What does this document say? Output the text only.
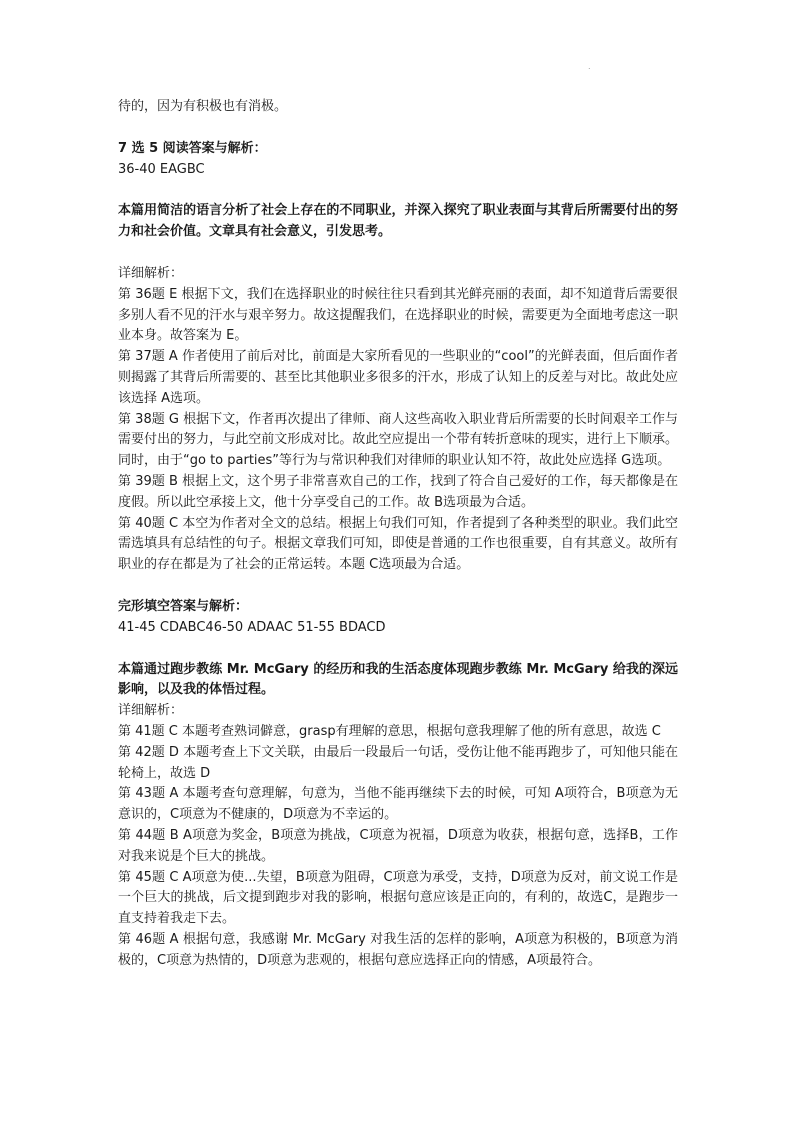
.

待的，因为有积极也有消极。

7 选 5 阅读答案与解析：

36-40 EAGBC

本篇用简洁的语言分析了社会上存在的不同职业，并深入探究了职业表面与其背后所需要付出的努力和社会价值。文章具有社会意义，引发思考。

详细解析：

第 36题 E 根据下文，我们在选择职业的时候往往只看到其光鲜亮丽的表面，却不知道背后需要很多别人看不见的汗水与艰辛努力。故这提醒我们，在选择职业的时候，需要更为全面地考虑这一职业本身。故答案为 E。

第 37题 A 作者使用了前后对比，前面是大家所看见的一些职业的“cool”的光鲜表面，但后面作者则揭露了其背后所需要的、甚至比其他职业多很多的汗水，形成了认知上的反差与对比。故此处应该选择 A选项。

第 38题 G 根据下文，作者再次提出了律师、商人这些高收入职业背后所需要的长时间艰辛工作与需要付出的努力，与此空前文形成对比。故此空应提出一个带有转折意味的现实，进行上下顺承。同时，由于“go to parties”等行为与常识种我们对律师的职业认知不符，故此处应选择 G选项。

第 39题 B 根据上文，这个男子非常喜欢自己的工作，找到了符合自己爱好的工作，每天都像是在度假。所以此空承接上文，他十分享受自己的工作。故 B选项最为合适。

第 40题 C 本空为作者对全文的总结。根据上句我们可知，作者提到了各种类型的职业。我们此空需选填具有总结性的句子。根据文章我们可知，即使是普通的工作也很重要，自有其意义。故所有职业的存在都是为了社会的正常运转。本题 C选项最为合适。

完形填空答案与解析：

41-45 CDABC46-50 ADAAC 51-55 BDACD

本篇通过跑步教练 Mr. McGary 的经历和我的生活态度体现跑步教练 Mr. McGary 给我的深远影响，以及我的体悟过程。

详细解析：

第 41题 C 本题考查熟词僻意，grasp有理解的意思，根据句意我理解了他的所有意思，故选 C

第 42题 D 本题考查上下文关联，由最后一段最后一句话，受伤让他不能再跑步了，可知他只能在轮椅上，故选 D

第 43题 A 本题考查句意理解，句意为，当他不能再继续下去的时候，可知 A项符合，B项意为无意识的，C项意为不健康的，D项意为不幸运的。

第 44题 B A项意为奖金，B项意为挑战，C项意为祝福，D项意为收获，根据句意，选择B，工作对我来说是个巨大的挑战。

第 45题 C A项意为使...失望，B项意为阻碍，C项意为承受，支持，D项意为反对，前文说工作是一个巨大的挑战，后文提到跑步对我的影响，根据句意应该是正向的，有利的，故选C，是跑步一直支持着我走下去。

第 46题 A 根据句意，我感谢 Mr. McGary 对我生活的怎样的影响，A项意为积极的，B项意为消极的，C项意为热情的，D项意为悲观的，根据句意应选择正向的情感，A项最符合。
